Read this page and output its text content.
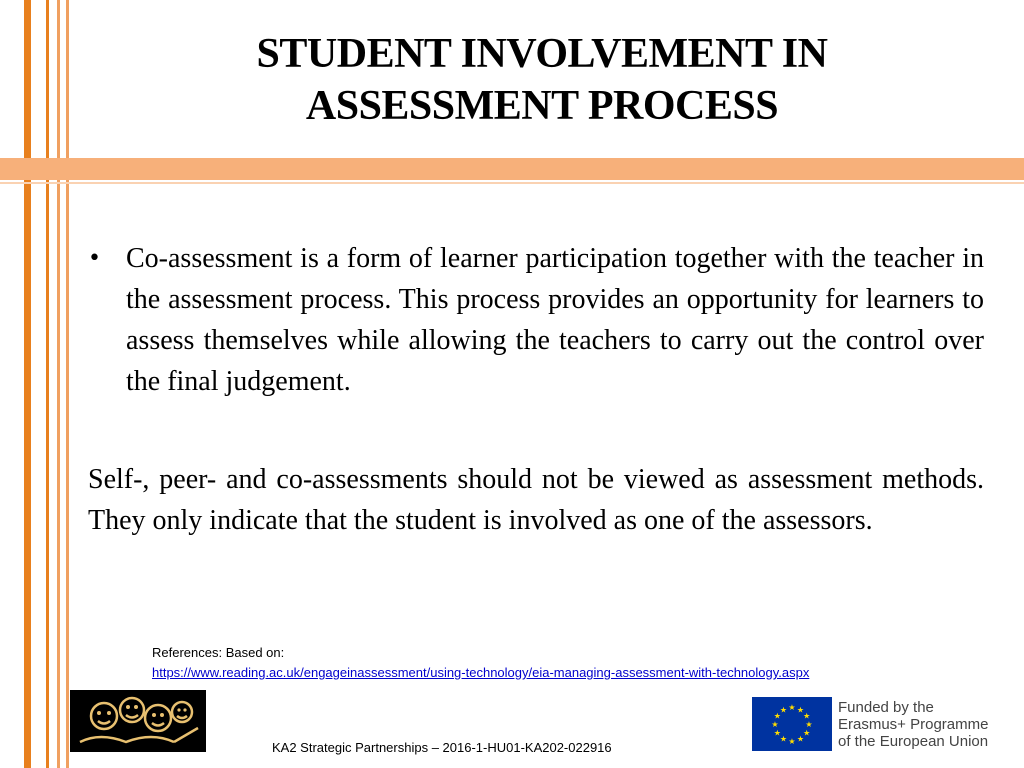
STUDENT INVOLVEMENT IN
ASSESSMENT PROCESS
• Co-assessment is a form of learner participation together with the teacher in the assessment process. This process provides an opportunity for learners to assess themselves while allowing the teachers to carry out the control over the final judgement.
Self-, peer- and co-assessments should not be viewed as assessment methods. They only indicate that the student is involved as one of the assessors.
References: Based on:
https://www.reading.ac.uk/engageinassessment/using-technology/eia-managing-assessment-with-technology.aspx
KA2 Strategic Partnerships – 2016-1-HU01-KA202-022916
★
★
★
★
★
★
★
★
★ ★ ★
★ Funded by the
Erasmus+ Programme
of the European Union
